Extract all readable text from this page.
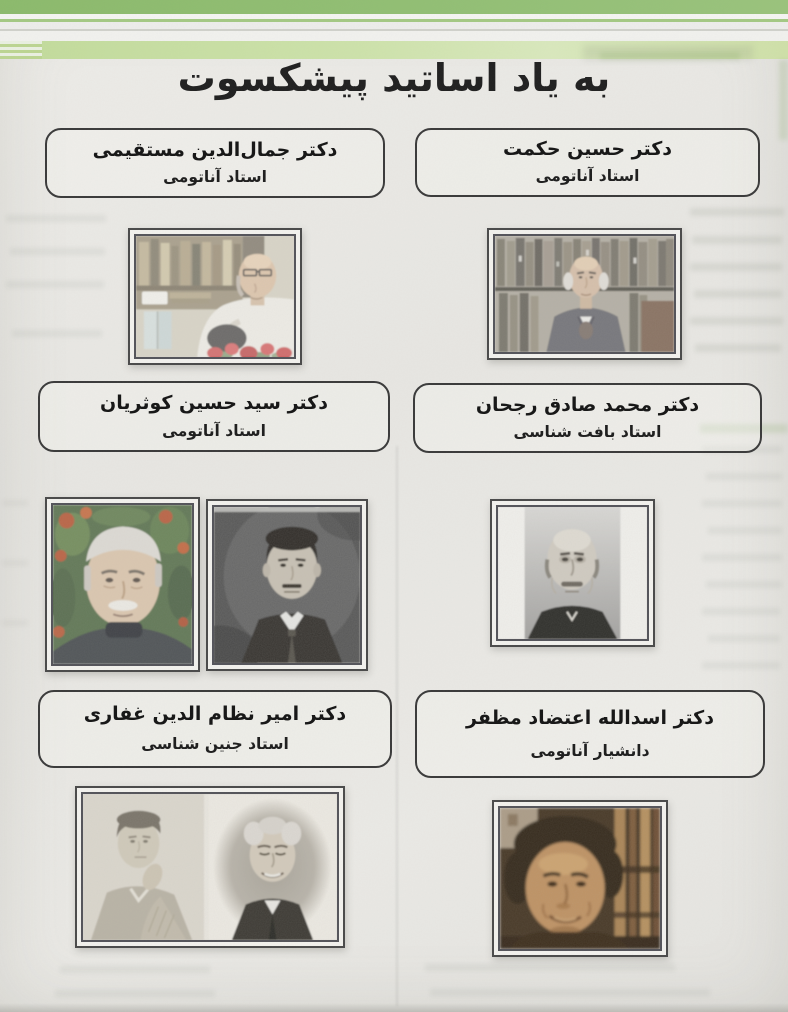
به یاد اساتید پیشکسوت
دکتر حسین حکمت
استاد آناتومی
دکتر جمال‌الدین مستقیمی
استاد آناتومی
دکتر محمد صادق رجحان
استاد بافت شناسی
دکتر سید حسین کوثریان
استاد آناتومی
دکتر اسدالله اعتضاد مظفر
دانشیار آناتومی
دکتر امیر نظام الدین غفاری
استاد جنین شناسی
